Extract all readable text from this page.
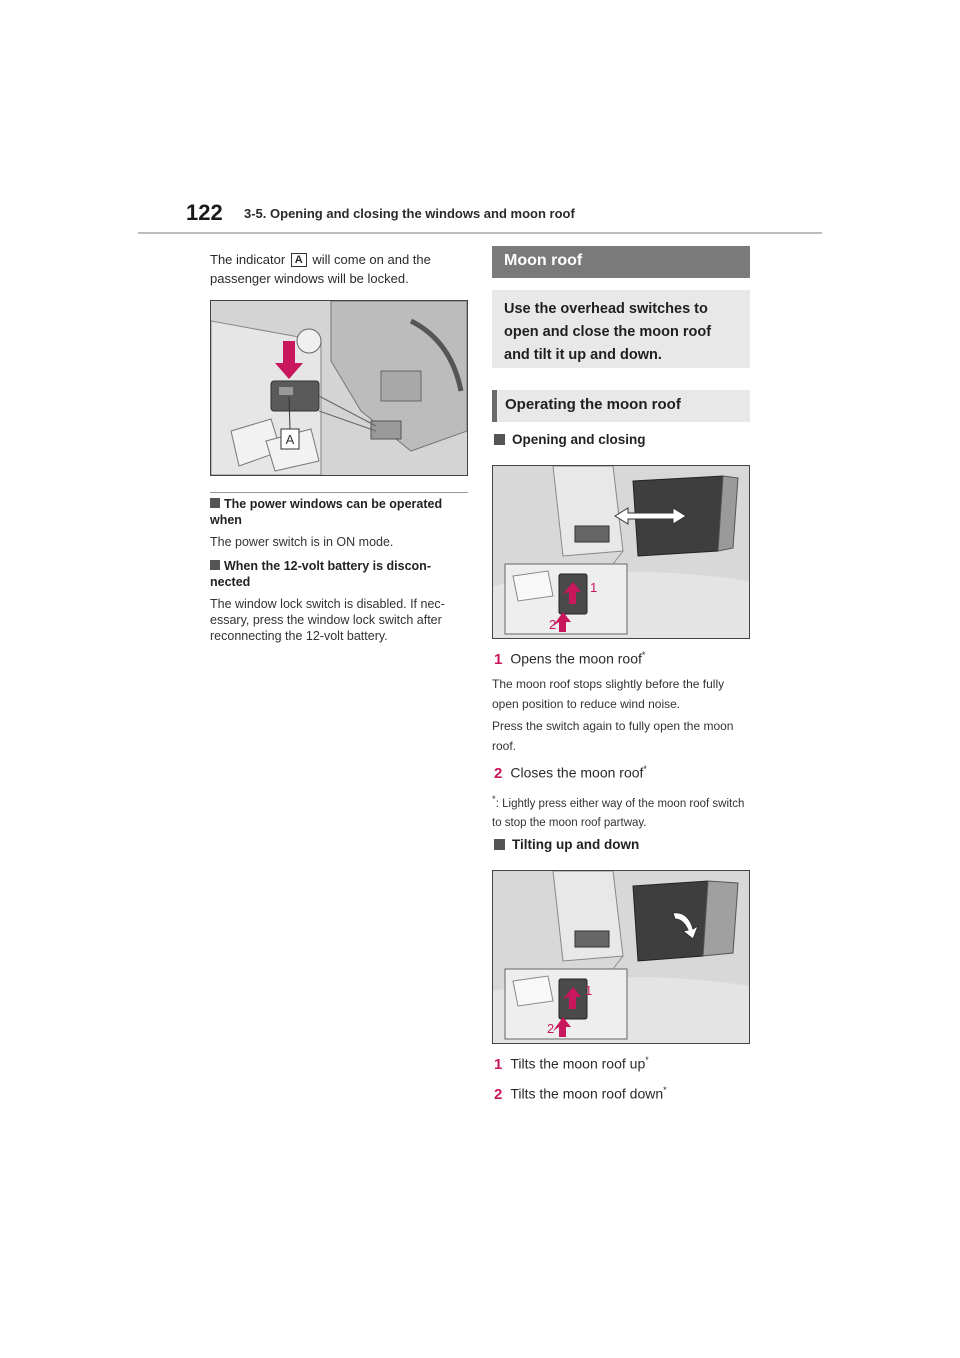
122 3-5. Opening and closing the windows and moon roof
The indicator A will come on and the passenger windows will be locked.
A
The power windows can be operated when
The power switch is in ON mode.
When the 12-volt battery is discon- nected
The window lock switch is disabled. If nec- essary, press the window lock switch after reconnecting the 12-volt battery.
Moon roof
Use the overhead switches to open and close the moon roof and tilt it up and down.
Operating the moon roof
Opening and closing
1
2
1 Opens the moon roof*
The moon roof stops slightly before the fully open position to reduce wind noise.
Press the switch again to fully open the moon roof.
2 Closes the moon roof*
*: Lightly press either way of the moon roof switch to stop the moon roof partway.
Tilting up and down
1
2
1 Tilts the moon roof up*
2 Tilts the moon roof down*
